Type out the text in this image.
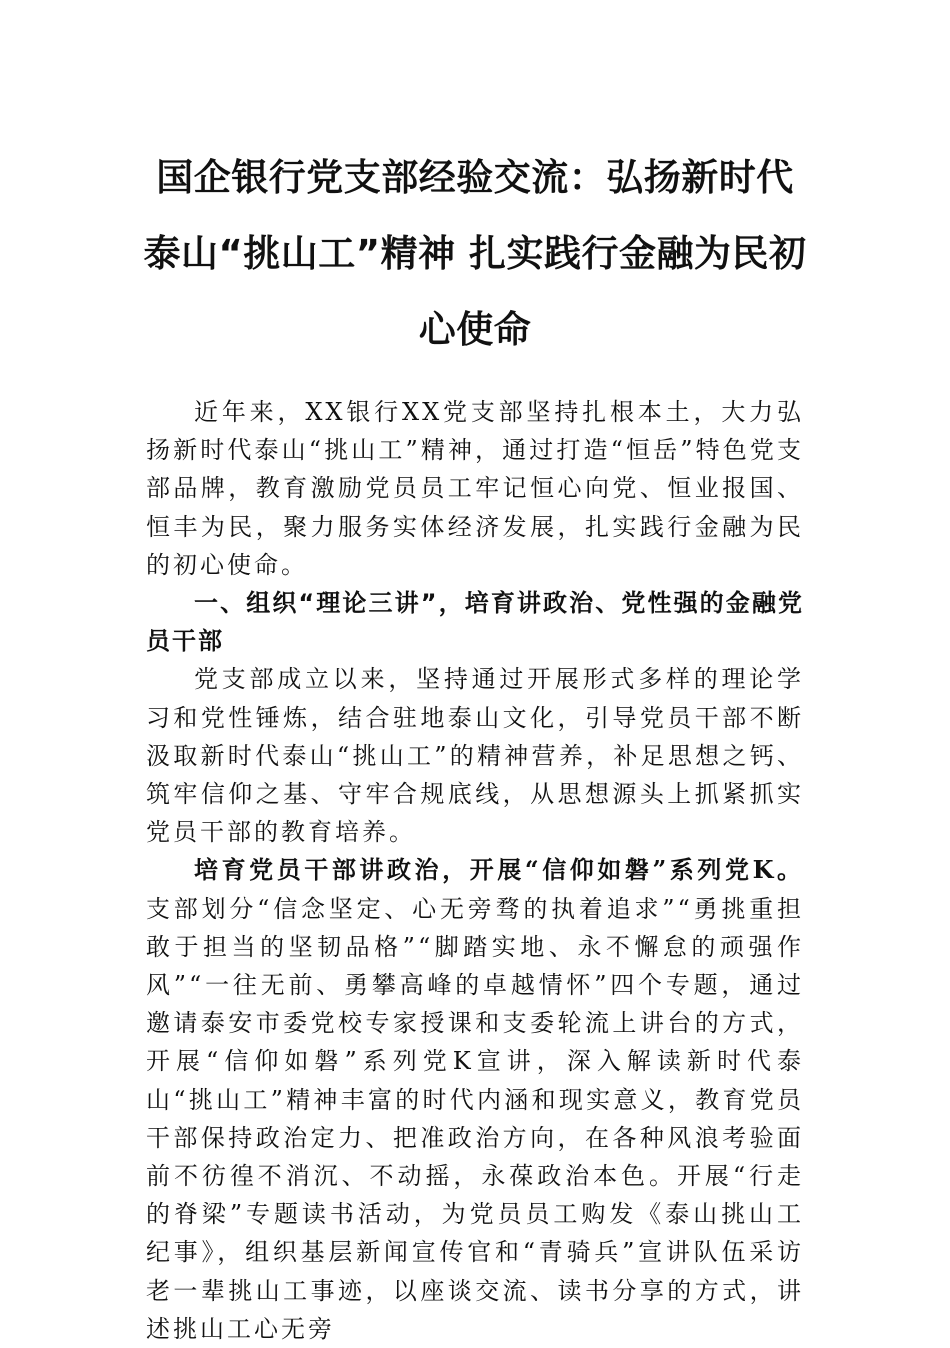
国企银行党支部经验交流：弘扬新时代泰山“挑山工”精神 扎实践行金融为民初心使命

近年来，XX银行XX党支部坚持扎根本土，大力弘扬新时代泰山“挑山工”精神，通过打造“恒岳”特色党支部品牌，教育激励党员员工牢记恒心向党、恒业报国、恒丰为民，聚力服务实体经济发展，扎实践行金融为民的初心使命。

一、组织“理论三讲”，培育讲政治、党性强的金融党员干部

党支部成立以来，坚持通过开展形式多样的理论学习和党性锤炼，结合驻地泰山文化，引导党员干部不断汲取新时代泰山“挑山工”的精神营养，补足思想之钙、筑牢信仰之基、守牢合规底线，从思想源头上抓紧抓实党员干部的教育培养。

培育党员干部讲政治，开展“信仰如磐”系列党K。支部划分“信念坚定、心无旁骛的执着追求”“勇挑重担敢于担当的坚韧品格”“脚踏实地、永不懈怠的顽强作风”“一往无前、勇攀高峰的卓越情怀”四个专题，通过邀请泰安市委党校专家授课和支委轮流上讲台的方式，开展“信仰如磐”系列党K宣讲，深入解读新时代泰山“挑山工”精神丰富的时代内涵和现实意义，教育党员干部保持政治定力、把准政治方向，在各种风浪考验面前不彷徨不消沉、不动摇，永葆政治本色。开展“行走的脊梁”专题读书活动，为党员员工购发《泰山挑山工纪事》，组织基层新闻宣传官和“青骑兵”宣讲队伍采访老一辈挑山工事迹，以座谈交流、读书分享的方式，讲述挑山工心无旁
